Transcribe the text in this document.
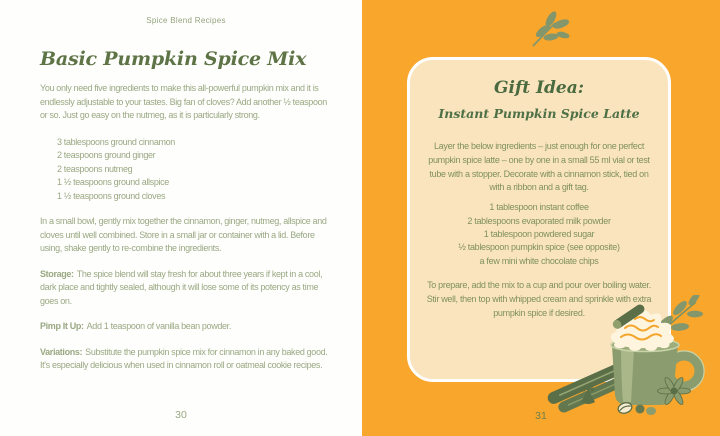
Spice Blend Recipes
Basic Pumpkin Spice Mix
You only need five ingredients to make this all-powerful pumpkin mix and it is endlessly adjustable to your tastes. Big fan of cloves? Add another ½ teaspoon or so. Just go easy on the nutmeg, as it is particularly strong.
3 tablespoons ground cinnamon
2 teaspoons ground ginger
2 teaspoons nutmeg
1 ½ teaspoons ground allspice
1 ½ teaspoons ground cloves
In a small bowl, gently mix together the cinnamon, ginger, nutmeg, allspice and cloves until well combined. Store in a small jar or container with a lid. Before using, shake gently to re-combine the ingredients.
Storage: The spice blend will stay fresh for about three years if kept in a cool, dark place and tightly sealed, although it will lose some of its potency as time goes on.
Pimp It Up: Add 1 teaspoon of vanilla bean powder.
Variations: Substitute the pumpkin spice mix for cinnamon in any baked good. It's especially delicious when used in cinnamon roll or oatmeal cookie recipes.
30
Gift Idea:
Instant Pumpkin Spice Latte
Layer the below ingredients – just enough for one perfect pumpkin spice latte – one by one in a small 55 ml vial or test tube with a stopper. Decorate with a cinnamon stick, tied on with a ribbon and a gift tag.
1 tablespoon instant coffee
2 tablespoons evaporated milk powder
1 tablespoon powdered sugar
½ tablespoon pumpkin spice (see opposite)
a few mini white chocolate chips
To prepare, add the mix to a cup and pour over boiling water. Stir well, then top with whipped cream and sprinkle with extra pumpkin spice if desired.
31
